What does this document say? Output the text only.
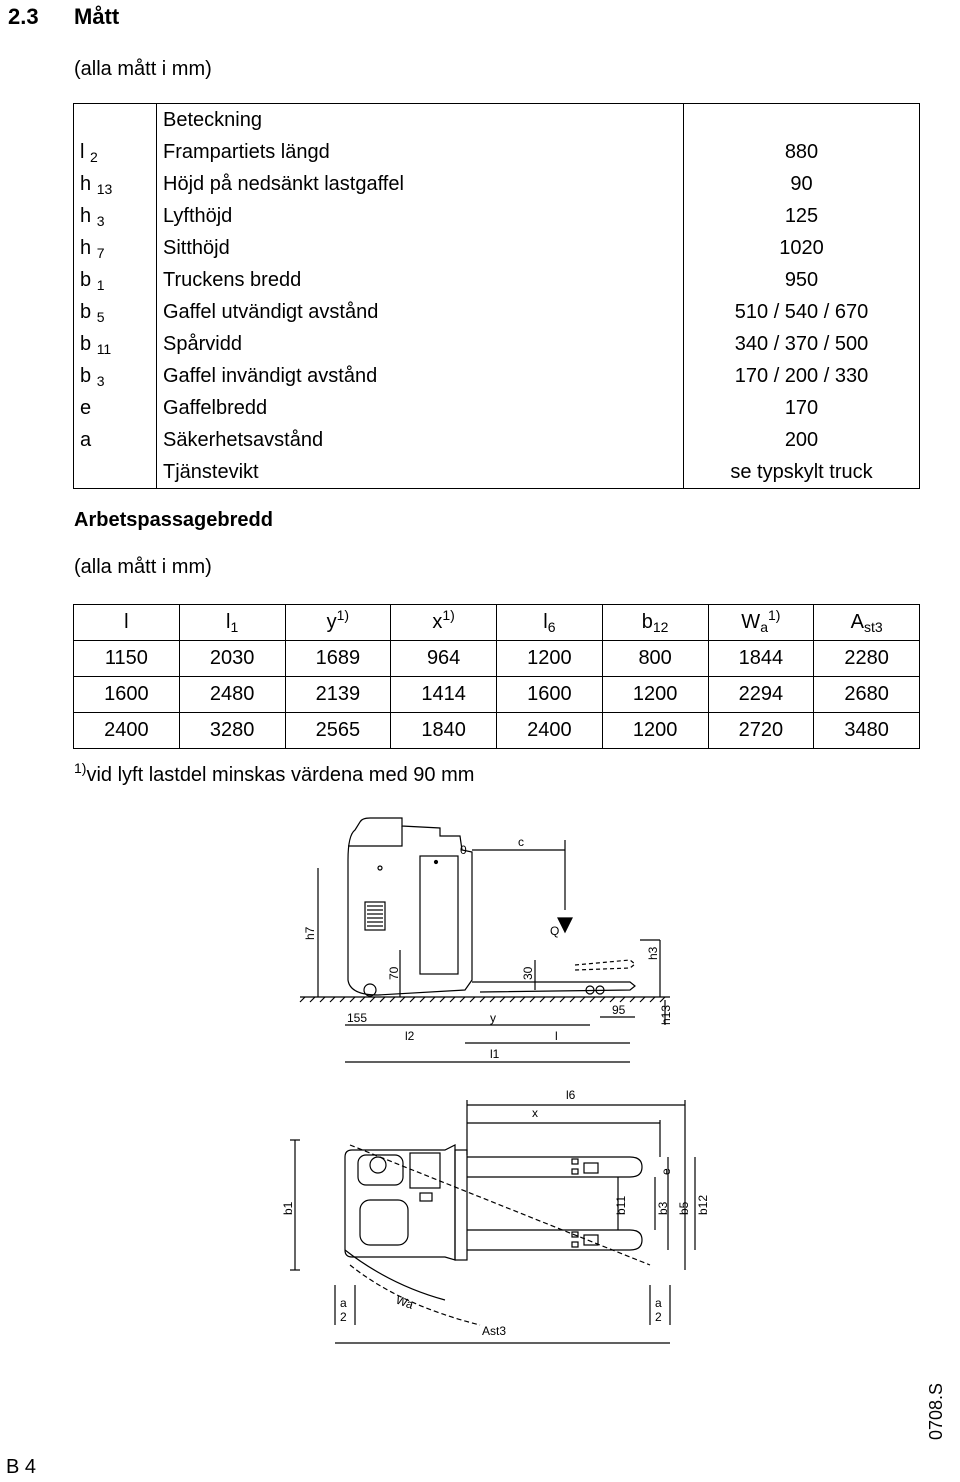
2.3 Mått
(alla mått i mm)
	Beteckning	
l $_2$	Frampartiets längd	880
h $_{13}$	Höjd på nedsänkt lastgaffel	90
h $_3$	Lyfthöjd	125
h $_7$	Sitthöjd	1020
b $_1$	Truckens bredd	950
b $_5$	Gaffel utvändigt avstånd	510 / 540 / 670
b $_{11}$	Spårvidd	340 / 370 / 500
b $_3$	Gaffel invändigt avstånd	170 / 200 / 330
e	Gaffelbredd	170
a	Säkerhetsavstånd	200
	Tjänstevikt	se typskylt truck
Arbetspassagebredd
(alla mått i mm)
l	$l_1$	$y^{1)}$	$x^{1)}$	$l_6$	$b_{12}$	$W_a^{1)}$	$A_{st3}$
1150	2030	1689	964	1200	800	1844	2280
1600	2480	2139	1414	1600	1200	2294	2680
2400	3280	2565	1840	2400	1200	2720	3480
$^{1)}$vid lyft lastdel minskas värdena med 90 mm
0
c
Q
h7
h3
70	30
155	y
95	h13
l2	l
l1
l6
x
b1
e
b11 b3 b5 b12
a
2
Wa	a
2
Ast3
B 4
0708.S
